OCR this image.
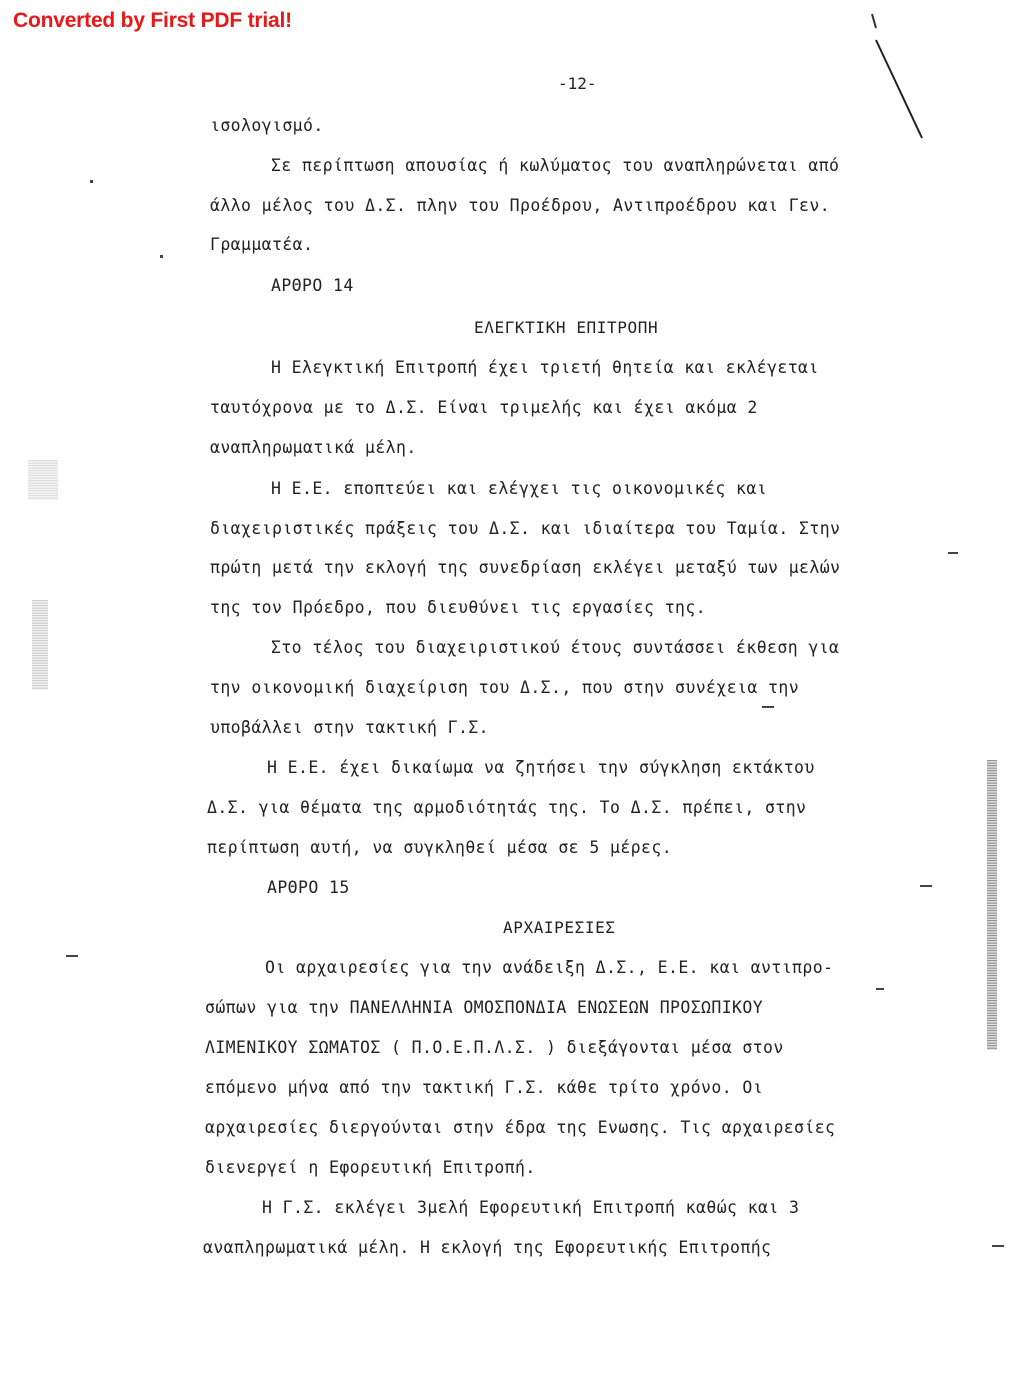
Converted by First PDF trial!
-12-
ισολογισμό.
Σε περίπτωση απουσίας ή κωλύματος του αναπληρώνεται από
άλλο μέλος του Δ.Σ. πλην του Προέδρου, Αντιπροέδρου και Γεν.
Γραμματέα.
ΑΡΘΡΟ 14
ΕΛΕΓΚΤΙΚΗ ΕΠΙΤΡΟΠΗ
Η Ελεγκτική Επιτροπή έχει τριετή θητεία και εκλέγεται
ταυτόχρονα με το Δ.Σ. Είναι τριμελής και έχει ακόμα 2
αναπληρωματικά μέλη.
Η Ε.Ε. εποπτεύει και ελέγχει τις οικονομικές και
διαχειριστικές πράξεις του Δ.Σ. και ιδιαίτερα του Ταμία. Στην
πρώτη μετά την εκλογή της συνεδρίαση εκλέγει μεταξύ των μελών
της τον Πρόεδρο, που διευθύνει τις εργασίες της.
Στο τέλος του διαχειριστικού έτους συντάσσει έκθεση για
την οικονομική διαχείριση του Δ.Σ., που στην συνέχεια την
υποβάλλει στην τακτική Γ.Σ.
Η Ε.Ε. έχει δικαίωμα να ζητήσει την σύγκληση εκτάκτου
Δ.Σ. για θέματα της αρμοδιότητάς της. Το Δ.Σ. πρέπει, στην
περίπτωση αυτή, να συγκληθεί μέσα σε 5 μέρες.
ΑΡΘΡΟ 15
ΑΡΧΑΙΡΕΣΙΕΣ
Οι αρχαιρεσίες για την ανάδειξη Δ.Σ., Ε.Ε. και αντιπρο-
σώπων για την ΠΑΝΕΛΛΗΝΙΑ ΟΜΟΣΠΟΝΔΙΑ ΕΝΩΣΕΩΝ ΠΡΟΣΩΠΙΚΟΥ
ΛΙΜΕΝΙΚΟΥ ΣΩΜΑΤΟΣ ( Π.Ο.Ε.Π.Λ.Σ. ) διεξάγονται μέσα στον
επόμενο μήνα από την τακτική Γ.Σ. κάθε τρίτο χρόνο. Οι
αρχαιρεσίες διεργούνται στην έδρα της Ενωσης. Τις αρχαιρεσίες
διενεργεί η Εφορευτική Επιτροπή.
Η Γ.Σ. εκλέγει 3μελή Εφορευτική Επιτροπή καθώς και 3
αναπληρωματικά μέλη. Η εκλογή της Εφορευτικής Επιτροπής
